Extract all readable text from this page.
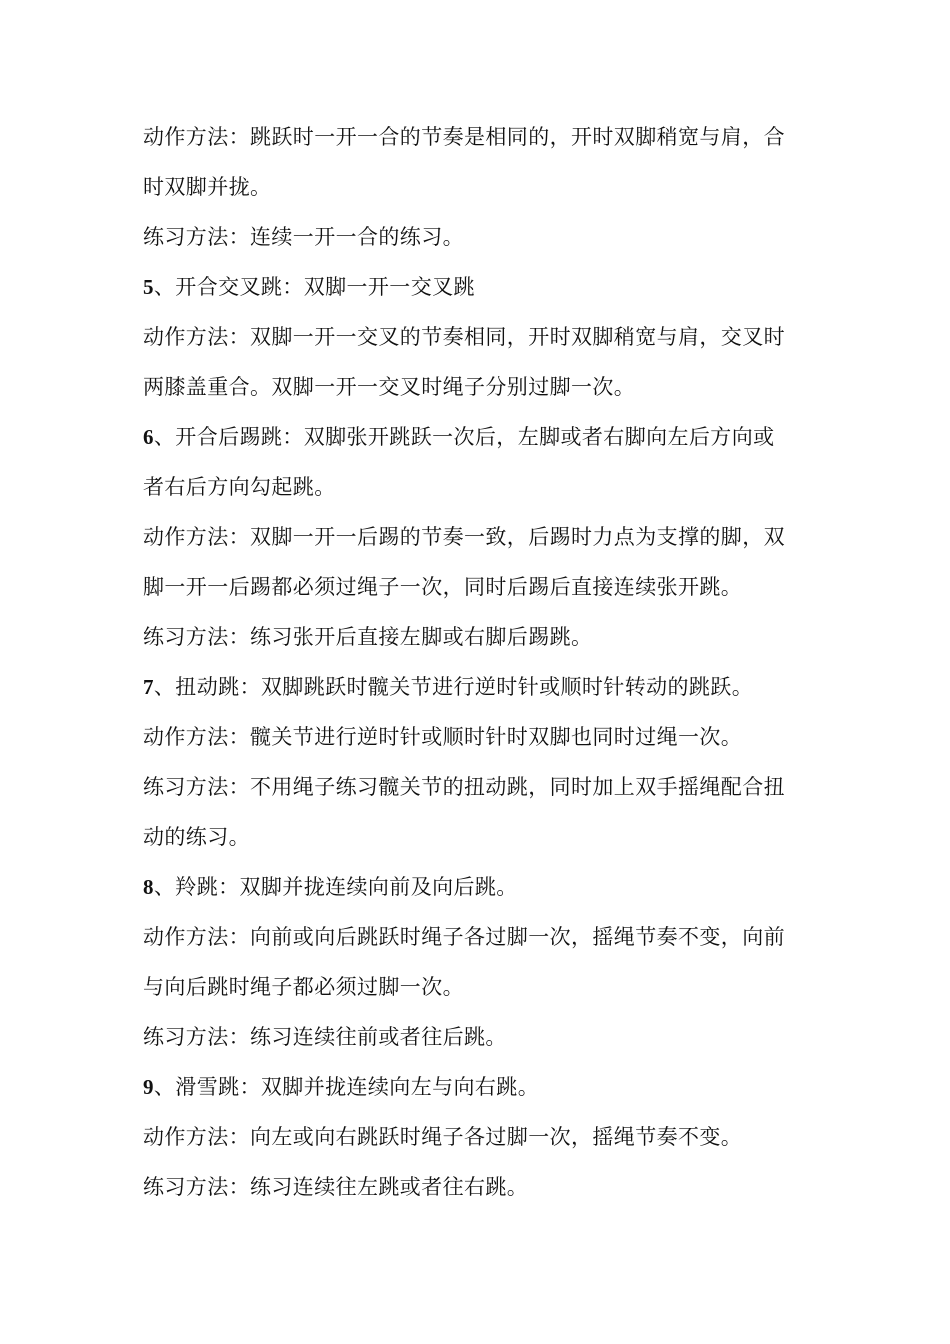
动作方法：跳跃时一开一合的节奏是相同的，开时双脚稍宽与肩，合
时双脚并拢。
练习方法：连续一开一合的练习。
5、开合交叉跳：双脚一开一交叉跳
动作方法：双脚一开一交叉的节奏相同，开时双脚稍宽与肩，交叉时
两膝盖重合。双脚一开一交叉时绳子分别过脚一次。
6、开合后踢跳：双脚张开跳跃一次后，左脚或者右脚向左后方向或
者右后方向勾起跳。
动作方法：双脚一开一后踢的节奏一致，后踢时力点为支撑的脚，双
脚一开一后踢都必须过绳子一次，同时后踢后直接连续张开跳。
练习方法：练习张开后直接左脚或右脚后踢跳。
7、扭动跳：双脚跳跃时髋关节进行逆时针或顺时针转动的跳跃。
动作方法：髋关节进行逆时针或顺时针时双脚也同时过绳一次。
练习方法：不用绳子练习髋关节的扭动跳，同时加上双手摇绳配合扭
动的练习。
8、羚跳：双脚并拢连续向前及向后跳。
动作方法：向前或向后跳跃时绳子各过脚一次，摇绳节奏不变，向前
与向后跳时绳子都必须过脚一次。
练习方法：练习连续往前或者往后跳。
9、滑雪跳：双脚并拢连续向左与向右跳。
动作方法：向左或向右跳跃时绳子各过脚一次，摇绳节奏不变。
练习方法：练习连续往左跳或者往右跳。
